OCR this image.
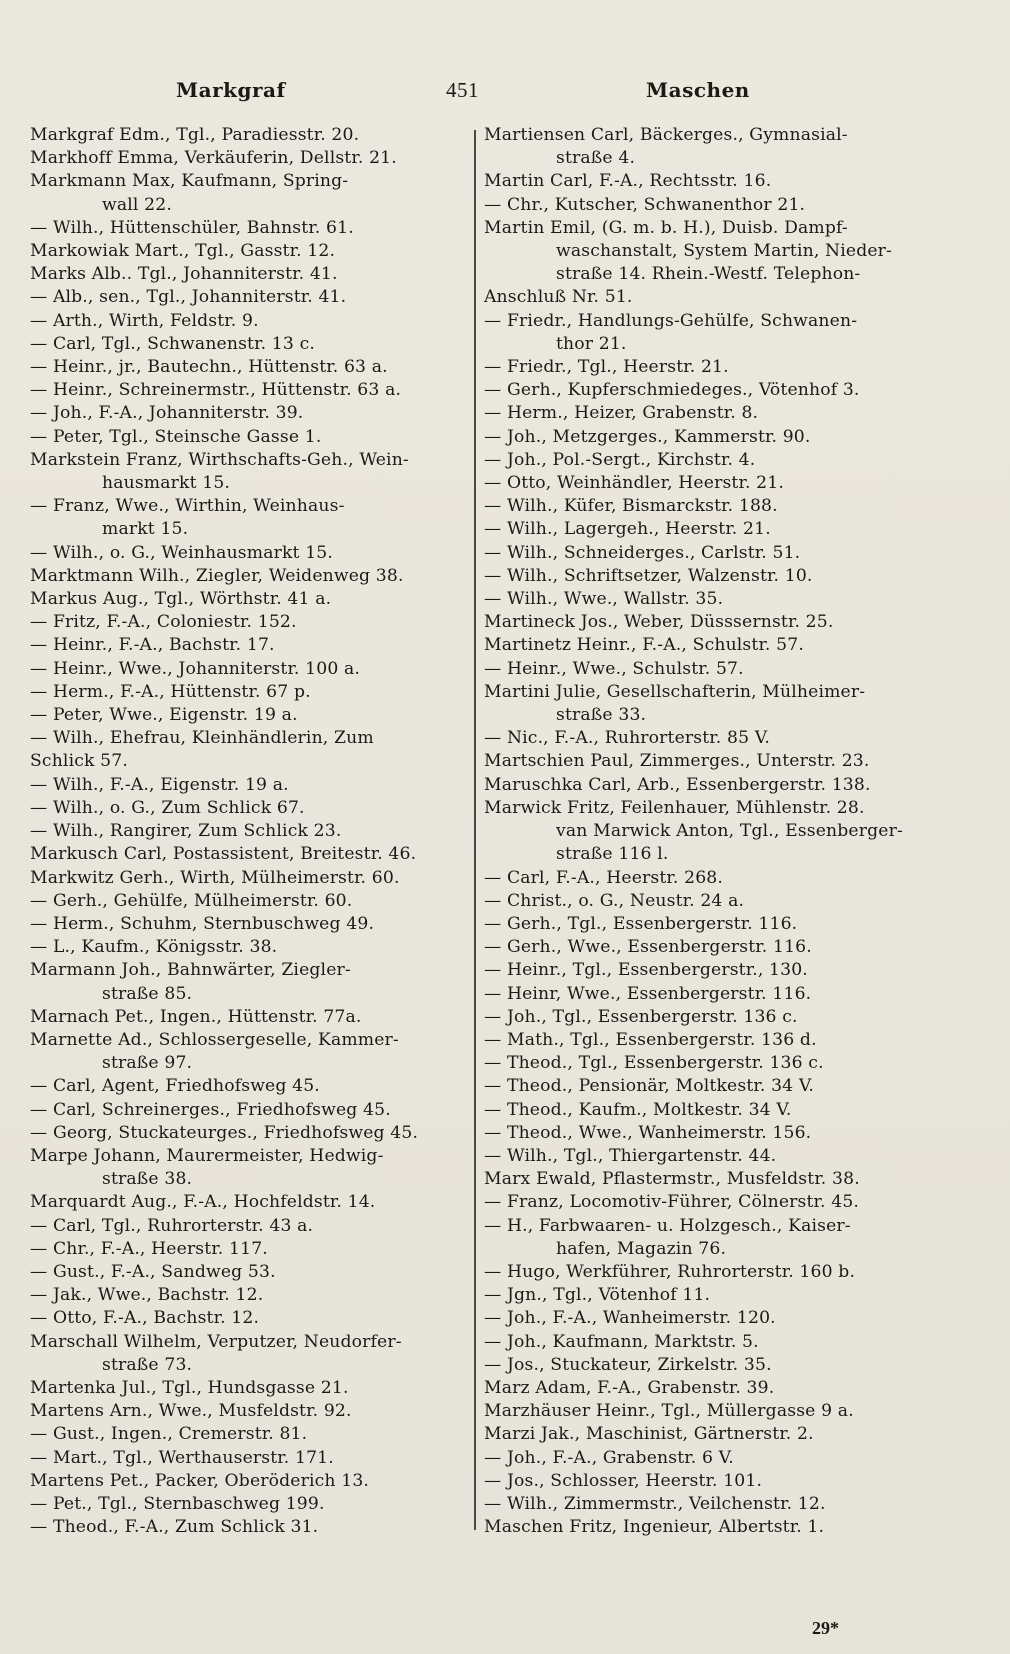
Markgraf	451	Maschen
Markgraf Edm., Tgl., Paradiesstr. 20.
Markhoff Emma, Verkäuferin, Dellstr. 21.
Markmann Max, Kaufmann, Spring-
wall 22.
— Wilh., Hüttenschüler, Bahnstr. 61.
Markowiak Mart., Tgl., Gasstr. 12.
Marks Alb.. Tgl., Johanniterstr. 41.
— Alb., sen., Tgl., Johanniterstr. 41.
— Arth., Wirth, Feldstr. 9.
— Carl, Tgl., Schwanenstr. 13 c.
— Heinr., jr., Bautechn., Hüttenstr. 63 a.
— Heinr., Schreinermstr., Hüttenstr. 63 a.
— Joh., F.-A., Johanniterstr. 39.
— Peter, Tgl., Steinsche Gasse 1.
Markstein Franz, Wirthschafts-Geh., Wein-
hausmarkt 15.
— Franz, Wwe., Wirthin, Weinhaus-
markt 15.
— Wilh., o. G., Weinhausmarkt 15.
Marktmann Wilh., Ziegler, Weidenweg 38.
Markus Aug., Tgl., Wörthstr. 41 a.
— Fritz, F.-A., Coloniestr. 152.
— Heinr., F.-A., Bachstr. 17.
— Heinr., Wwe., Johanniterstr. 100 a.
— Herm., F.-A., Hüttenstr. 67 p.
— Peter, Wwe., Eigenstr. 19 a.
— Wilh., Ehefrau, Kleinhändlerin, Zum
Schlick 57.
— Wilh., F.-A., Eigenstr. 19 a.
— Wilh., o. G., Zum Schlick 67.
— Wilh., Rangirer, Zum Schlick 23.
Markusch Carl, Postassistent, Breitestr. 46.
Markwitz Gerh., Wirth, Mülheimerstr. 60.
— Gerh., Gehülfe, Mülheimerstr. 60.
— Herm., Schuhm, Sternbuschweg 49.
— L., Kaufm., Königsstr. 38.
Marmann Joh., Bahnwärter, Ziegler-
straße 85.
Marnach Pet., Ingen., Hüttenstr. 77a.
Marnette Ad., Schlossergeselle, Kammer-
straße 97.
— Carl, Agent, Friedhofsweg 45.
— Carl, Schreinerges., Friedhofsweg 45.
— Georg, Stuckateurges., Friedhofsweg 45.
Marpe Johann, Maurermeister, Hedwig-
straße 38.
Marquardt Aug., F.-A., Hochfeldstr. 14.
— Carl, Tgl., Ruhrorterstr. 43 a.
— Chr., F.-A., Heerstr. 117.
— Gust., F.-A., Sandweg 53.
— Jak., Wwe., Bachstr. 12.
— Otto, F.-A., Bachstr. 12.
Marschall Wilhelm, Verputzer, Neudorfer-
straße 73.
Martenka Jul., Tgl., Hundsgasse 21.
Martens Arn., Wwe., Musfeldstr. 92.
— Gust., Ingen., Cremerstr. 81.
— Mart., Tgl., Werthauserstr. 171.
Martens Pet., Packer, Oberöderich 13.
— Pet., Tgl., Sternbaschweg 199.
— Theod., F.-A., Zum Schlick 31.
Martiensen Carl, Bäckerges., Gymnasial-
straße 4.
Martin Carl, F.-A., Rechtsstr. 16.
— Chr., Kutscher, Schwanenthor 21.
Martin Emil, (G. m. b. H.), Duisb. Dampf-
waschanstalt, System Martin, Nieder-
straße 14. Rhein.-Westf. Telephon-
Anschluß Nr. 51.
— Friedr., Handlungs-Gehülfe, Schwanen-
thor 21.
— Friedr., Tgl., Heerstr. 21.
— Gerh., Kupferschmiedeges., Vötenhof 3.
— Herm., Heizer, Grabenstr. 8.
— Joh., Metzgerges., Kammerstr. 90.
— Joh., Pol.-Sergt., Kirchstr. 4.
— Otto, Weinhändler, Heerstr. 21.
— Wilh., Küfer, Bismarckstr. 188.
— Wilh., Lagergeh., Heerstr. 21.
— Wilh., Schneiderges., Carlstr. 51.
— Wilh., Schriftsetzer, Walzenstr. 10.
— Wilh., Wwe., Wallstr. 35.
Martineck Jos., Weber, Düsssernstr. 25.
Martinetz Heinr., F.-A., Schulstr. 57.
— Heinr., Wwe., Schulstr. 57.
Martini Julie, Gesellschafterin, Mülheimer-
straße 33.
— Nic., F.-A., Ruhrorterstr. 85 V.
Martschien Paul, Zimmerges., Unterstr. 23.
Maruschka Carl, Arb., Essenbergerstr. 138.
Marwick Fritz, Feilenhauer, Mühlenstr. 28.
van Marwick Anton, Tgl., Essenberger-
straße 116 l.
— Carl, F.-A., Heerstr. 268.
— Christ., o. G., Neustr. 24 a.
— Gerh., Tgl., Essenbergerstr. 116.
— Gerh., Wwe., Essenbergerstr. 116.
— Heinr., Tgl., Essenbergerstr., 130.
— Heinr, Wwe., Essenbergerstr. 116.
— Joh., Tgl., Essenbergerstr. 136 c.
— Math., Tgl., Essenbergerstr. 136 d.
— Theod., Tgl., Essenbergerstr. 136 c.
— Theod., Pensionär, Moltkestr. 34 V.
— Theod., Kaufm., Moltkestr. 34 V.
— Theod., Wwe., Wanheimerstr. 156.
— Wilh., Tgl., Thiergartenstr. 44.
Marx Ewald, Pflastermstr., Musfeldstr. 38.
— Franz, Locomotiv-Führer, Cölnerstr. 45.
— H., Farbwaaren- u. Holzgesch., Kaiser-
hafen, Magazin 76.
— Hugo, Werkführer, Ruhrorterstr. 160 b.
— Jgn., Tgl., Vötenhof 11.
— Joh., F.-A., Wanheimerstr. 120.
— Joh., Kaufmann, Marktstr. 5.
— Jos., Stuckateur, Zirkelstr. 35.
Marz Adam, F.-A., Grabenstr. 39.
Marzhäuser Heinr., Tgl., Müllergasse 9 a.
Marzi Jak., Maschinist, Gärtnerstr. 2.
— Joh., F.-A., Grabenstr. 6 V.
— Jos., Schlosser, Heerstr. 101.
— Wilh., Zimmermstr., Veilchenstr. 12.
Maschen Fritz, Ingenieur, Albertstr. 1.
29*
